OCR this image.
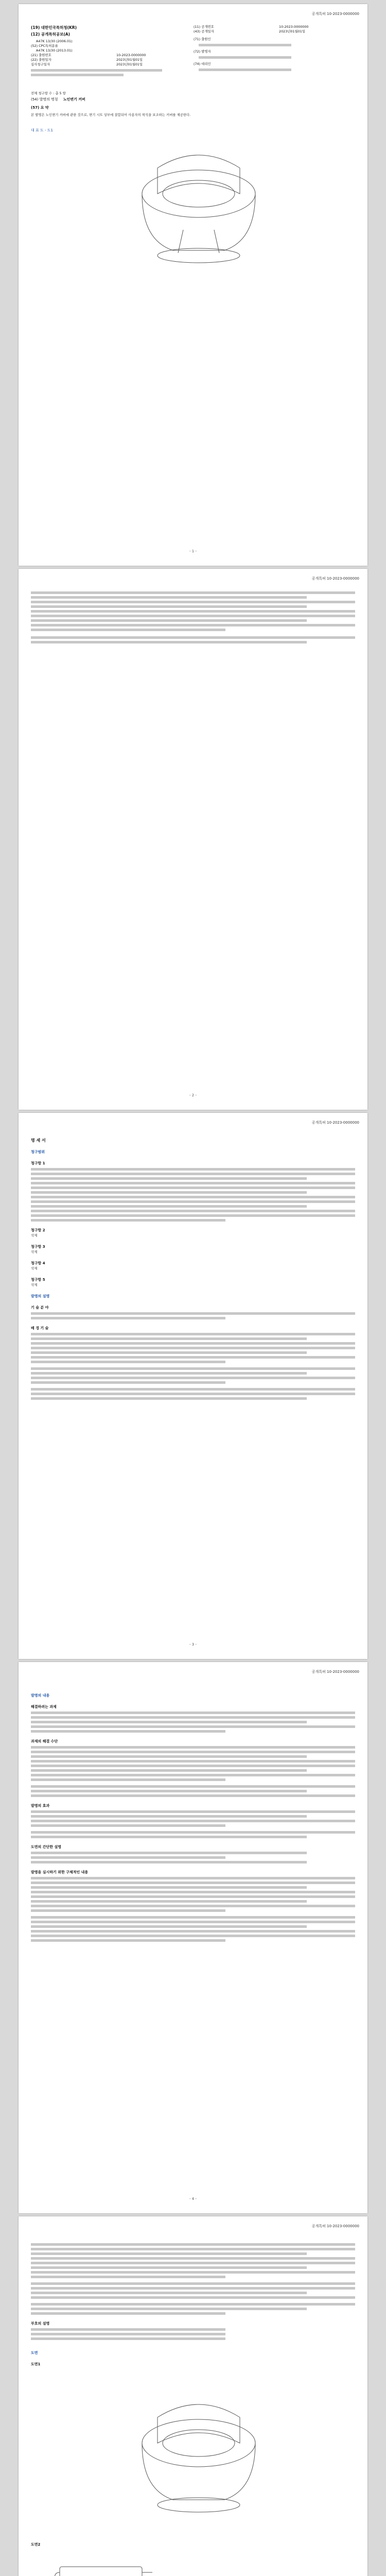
공개특허 10-2023-0000000
(19) 대한민국특허청(KR)
(12) 공개특허공보(A)
(11) 공개번호	10-2023-0000000
(43) 공개일자	2023년01월01일
(71) 출원인
(72) 발명자
(74) 대리인
A47K 13/30 (2006.01)
(52) CPC특허분류
A47K 13/30 (2013.01)
(21) 출원번호	10-2023-0000000
(22) 출원일자	2023년01월01일
심사청구일자	2023년01월01일
전체 청구항 수 : 총 5 항
(54) 발명의 명칭 노인변기 커버
(57) 요 약
본 발명은 노인변기 커버에 관한 것으로, 변기 시트 상부에 결합되어 사용자의 착석을 보조하는 커버를 제공한다.
대 표 도 - 도1
- 1 -
공개특허 10-2023-0000000
- 2 -
공개특허 10-2023-0000000
명 세 서
청구범위
청구항 1
청구항 2
삭제
청구항 3
삭제
청구항 4
삭제
청구항 5
삭제
발명의 설명
기 술 분 야
배 경 기 술
- 3 -
공개특허 10-2023-0000000
발명의 내용
해결하려는 과제
과제의 해결 수단
발명의 효과
도면의 간단한 설명
발명을 실시하기 위한 구체적인 내용
- 4 -
공개특허 10-2023-0000000
부호의 설명
도면
도면1
도면2
